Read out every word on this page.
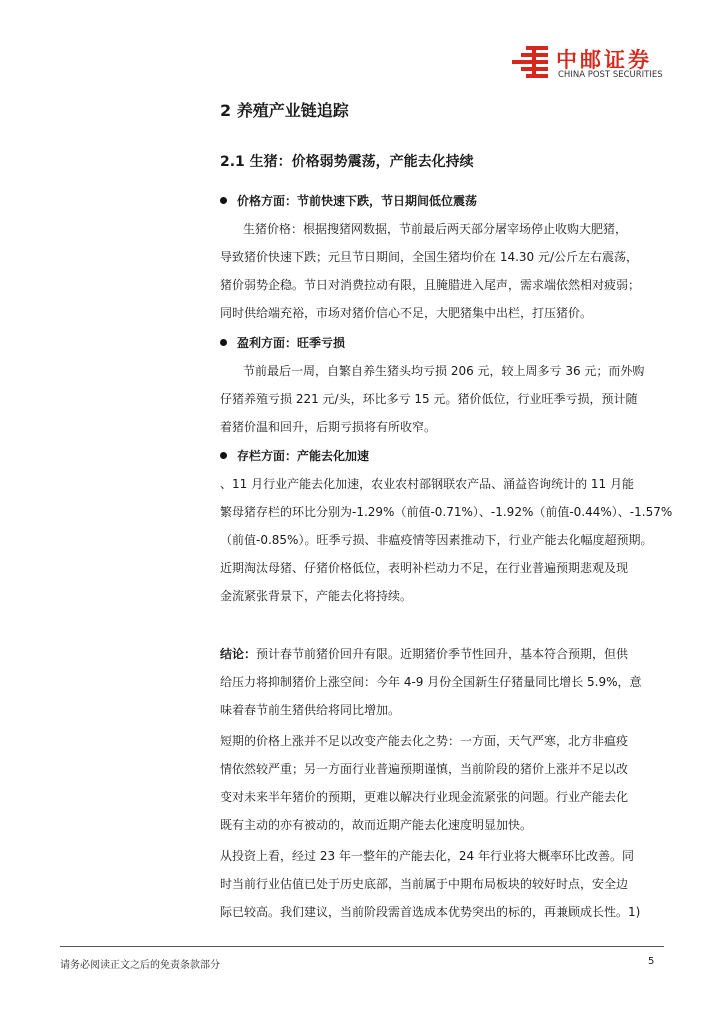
中邮证券
CHINA POST SECURITIES
2 养殖产业链追踪
2.1 生猪：价格弱势震荡，产能去化持续
价格方面：节前快速下跌，节日期间低位震荡
生猪价格：根据搜猪网数据，节前最后两天部分屠宰场停止收购大肥猪，
导致猪价快速下跌；元旦节日期间，全国生猪均价在 14.30 元/公斤左右震荡，
猪价弱势企稳。节日对消费拉动有限，且腌腊进入尾声，需求端依然相对疲弱；
同时供给端充裕，市场对猪价信心不足，大肥猪集中出栏，打压猪价。
盈利方面：旺季亏损
节前最后一周，自繁自养生猪头均亏损 206 元，较上周多亏 36 元；而外购
仔猪养殖亏损 221 元/头，环比多亏 15 元。猪价低位，行业旺季亏损，预计随
着猪价温和回升，后期亏损将有所收窄。
存栏方面：产能去化加速
、11 月行业产能去化加速，农业农村部钢联农产品、涌益咨询统计的 11 月能
繁母猪存栏的环比分别为-1.29%（前值-0.71%）、-1.92%（前值-0.44%）、-1.57%
（前值-0.85%）。旺季亏损、非瘟疫情等因素推动下，行业产能去化幅度超预期。
近期淘汰母猪、仔猪价格低位，表明补栏动力不足，在行业普遍预期悲观及现
金流紧张背景下，产能去化将持续。
结论：预计春节前猪价回升有限。近期猪价季节性回升，基本符合预期，但供
给压力将抑制猪价上涨空间：今年 4-9 月份全国新生仔猪量同比增长 5.9%，意
味着春节前生猪供给将同比增加。
短期的价格上涨并不足以改变产能去化之势：一方面，天气严寒，北方非瘟疫
情依然较严重；另一方面行业普遍预期谨慎，当前阶段的猪价上涨并不足以改
变对未来半年猪价的预期，更难以解决行业现金流紧张的问题。行业产能去化
既有主动的亦有被动的，故而近期产能去化速度明显加快。
从投资上看，经过 23 年一整年的产能去化，24 年行业将大概率环比改善。同
时当前行业估值已处于历史底部，当前属于中期布局板块的较好时点，安全边
际已较高。我们建议，当前阶段需首选成本优势突出的标的，再兼顾成长性。1)
请务必阅读正文之后的免责条款部分	5
